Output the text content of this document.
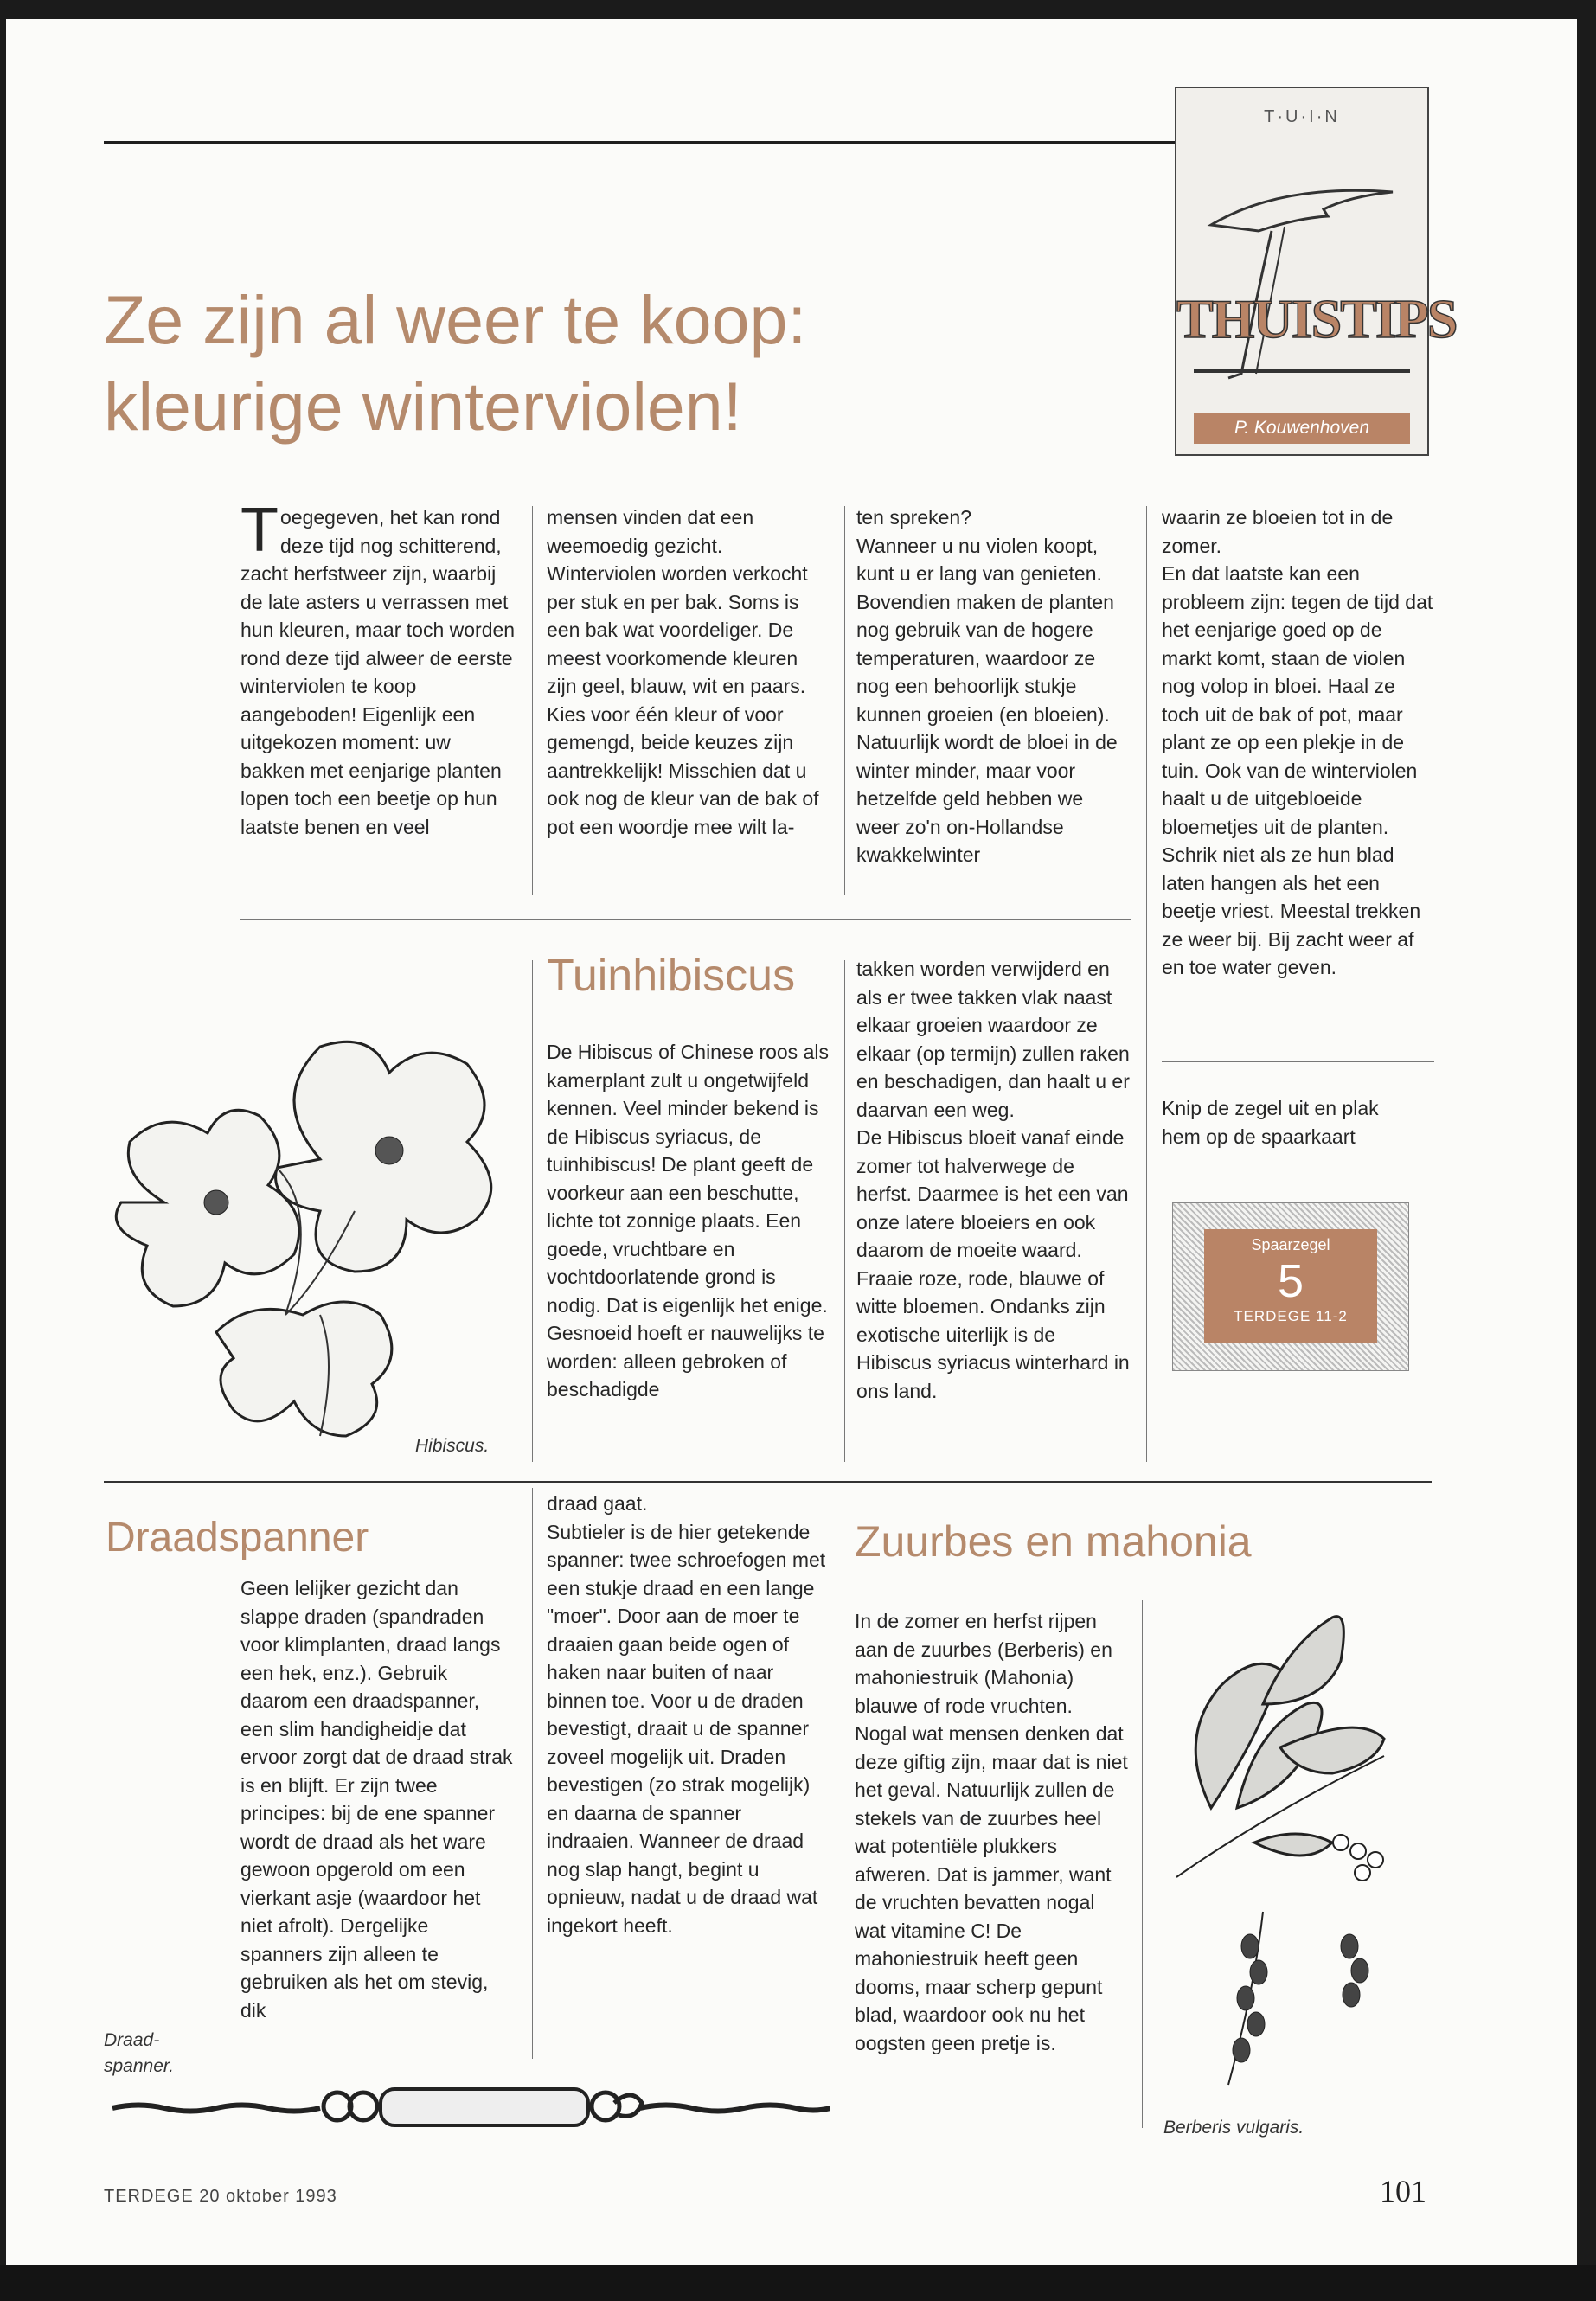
T·U·I·N
THUISTIPS
P. Kouwenhoven
Ze zijn al weer te koop:
kleurige winterviolen!
T oegegeven, het kan rond deze tijd nog schitterend, zacht herfstweer zijn, waarbij de late asters u verrassen met hun kleuren, maar toch worden rond deze tijd alweer de eerste winterviolen te koop aangeboden! Eigenlijk een uitgekozen moment: uw bakken met eenjarige planten lopen toch een beetje op hun laatste benen en veel
mensen vinden dat een weemoedig gezicht. Winterviolen worden verkocht per stuk en per bak. Soms is een bak wat voordeliger. De meest voorkomende kleuren zijn geel, blauw, wit en paars. Kies voor één kleur of voor gemengd, beide keuzes zijn aantrekkelijk! Misschien dat u ook nog de kleur van de bak of pot een woordje mee wilt la-
ten spreken?
Wanneer u nu violen koopt, kunt u er lang van genieten. Bovendien maken de planten nog gebruik van de hogere temperaturen, waardoor ze nog een behoorlijk stukje kunnen groeien (en bloeien). Natuurlijk wordt de bloei in de winter minder, maar voor hetzelfde geld hebben we weer zo'n on-Hollandse kwakkelwinter
waarin ze bloeien tot in de zomer.
En dat laatste kan een probleem zijn: tegen de tijd dat het eenjarige goed op de markt komt, staan de violen nog volop in bloei. Haal ze toch uit de bak of pot, maar plant ze op een plekje in de tuin. Ook van de winterviolen haalt u de uitgebloeide bloemetjes uit de planten. Schrik niet als ze hun blad laten hangen als het een beetje vriest. Meestal trekken ze weer bij. Bij zacht weer af en toe water geven.
Hibiscus.
Tuinhibiscus
De Hibiscus of Chinese roos als kamerplant zult u ongetwijfeld kennen. Veel minder bekend is de Hibiscus syriacus, de tuinhibiscus! De plant geeft de voorkeur aan een beschutte, lichte tot zonnige plaats. Een goede, vruchtbare en vochtdoorlatende grond is nodig. Dat is eigenlijk het enige. Gesnoeid hoeft er nauwelijks te worden: alleen gebroken of beschadigde
takken worden verwijderd en als er twee takken vlak naast elkaar groeien waardoor ze elkaar (op termijn) zullen raken en beschadigen, dan haalt u er daarvan een weg.
De Hibiscus bloeit vanaf einde zomer tot halverwege de herfst. Daarmee is het een van onze latere bloeiers en ook daarom de moeite waard. Fraaie roze, rode, blauwe of witte bloemen. Ondanks zijn exotische uiterlijk is de Hibiscus syriacus winterhard in ons land.
Knip de zegel uit en plak hem op de spaarkaart
Spaarzegel
5
TERDEGE 11-2
Draadspanner
Geen lelijker gezicht dan slappe draden (spandraden voor klimplanten, draad langs een hek, enz.). Gebruik daarom een draadspanner, een slim handigheidje dat ervoor zorgt dat de draad strak is en blijft. Er zijn twee principes: bij de ene spanner wordt de draad als het ware gewoon opgerold om een vierkant asje (waardoor het niet afrolt). Dergelijke spanners zijn alleen te gebruiken als het om stevig, dik
draad gaat.
Subtieler is de hier getekende spanner: twee schroefogen met een stukje draad en een lange "moer". Door aan de moer te draaien gaan beide ogen of haken naar buiten of naar binnen toe. Voor u de draden bevestigt, draait u de spanner zoveel mogelijk uit. Draden bevestigen (zo strak mogelijk) en daarna de spanner indraaien. Wanneer de draad nog slap hangt, begint u opnieuw, nadat u de draad wat ingekort heeft.
Draad-
spanner.
Zuurbes en mahonia
In de zomer en herfst rijpen aan de zuurbes (Berberis) en mahoniestruik (Mahonia) blauwe of rode vruchten. Nogal wat mensen denken dat deze giftig zijn, maar dat is niet het geval. Natuurlijk zullen de stekels van de zuurbes heel wat potentiële plukkers afweren. Dat is jammer, want de vruchten bevatten nogal wat vitamine C! De mahoniestruik heeft geen dooms, maar scherp gepunt blad, waardoor ook nu het oogsten geen pretje is.
Berberis vulgaris.
TERDEGE 20 oktober 1993	101
